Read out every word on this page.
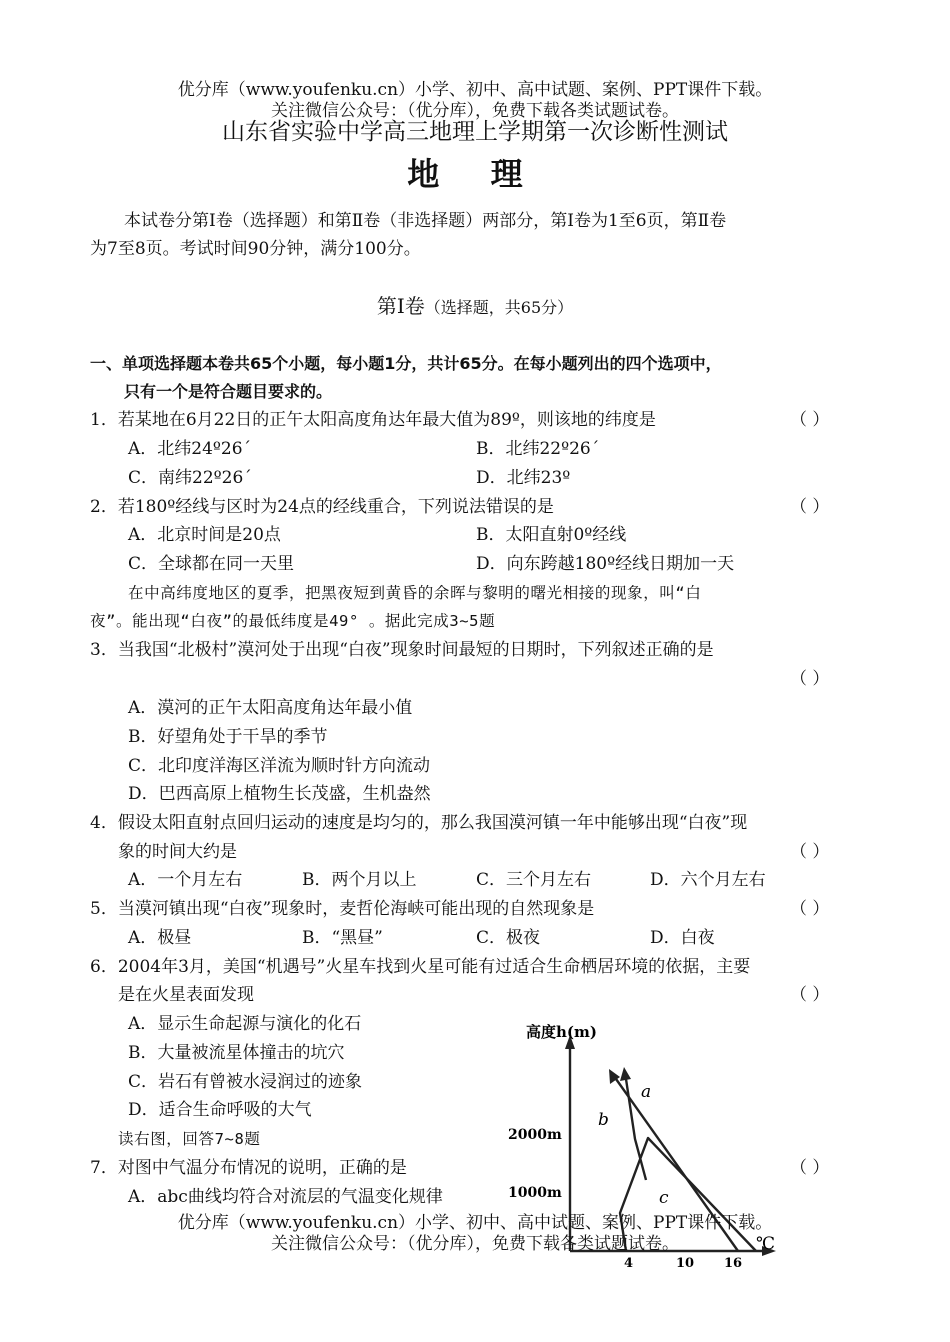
优分库（www.youfenku.cn）小学、初中、高中试题、案例、PPT课件下载。
关注微信公众号：（优分库），免费下载各类试题试卷。
山东省实验中学高三地理上学期第一次诊断性测试
地 理
本试卷分第Ⅰ卷（选择题）和第Ⅱ卷（非选择题）两部分，第Ⅰ卷为1至6页，第Ⅱ卷
为7至8页。考试时间90分钟，满分100分。
第Ⅰ卷（选择题，共65分）
一、单项选择题本卷共65个小题，每小题1分，共计65分。在每小题列出的四个选项中，
只有一个是符合题目要求的。
1．若某地在6月22日的正午太阳高度角达年最大值为89º，则该地的纬度是	（ ）
A．北纬24º26´	B．北纬22º26´
C．南纬22º26´	D．北纬23º
2．若180º经线与区时为24点的经线重合，下列说法错误的是	（ ）
A．北京时间是20点	B．太阳直射0º经线
C．全球都在同一天里	D．向东跨越180º经线日期加一天
在中高纬度地区的夏季，把黑夜短到黄昏的余晖与黎明的曙光相接的现象，叫“白
夜”。能出现“白夜”的最低纬度是49° 。据此完成3~5题
3．当我国“北极村”漠河处于出现“白夜”现象时间最短的日期时，下列叙述正确的是
（ ）
A．漠河的正午太阳高度角达年最小值
B．好望角处于干旱的季节
C．北印度洋海区洋流为顺时针方向流动
D．巴西高原上植物生长茂盛，生机盎然
4．假设太阳直射点回归运动的速度是均匀的，那么我国漠河镇一年中能够出现“白夜”现
象的时间大约是	（ ）
A．一个月左右	B．两个月以上	C．三个月左右	D．六个月左右
5．当漠河镇出现“白夜”现象时，麦哲伦海峡可能出现的自然现象是	（ ）
A．极昼	B．“黑昼”	C．极夜	D．白夜
6．2004年3月，美国“机遇号”火星车找到火星可能有过适合生命栖居环境的依据，主要
是在火星表面发现	（ ）
A．显示生命起源与演化的化石
B．大量被流星体撞击的坑穴
C．岩石有曾被水浸润过的迹象
D．适合生命呼吸的大气
读右图，回答7~8题
7．对图中气温分布情况的说明，正确的是	（ ）
A．abc曲线均符合对流层的气温变化规律
高度h(m)
2000m
1000m
4	10 16
℃
a
b
c
优分库（www.youfenku.cn）小学、初中、高中试题、案例、PPT课件下载。
关注微信公众号：（优分库），免费下载各类试题试卷。
